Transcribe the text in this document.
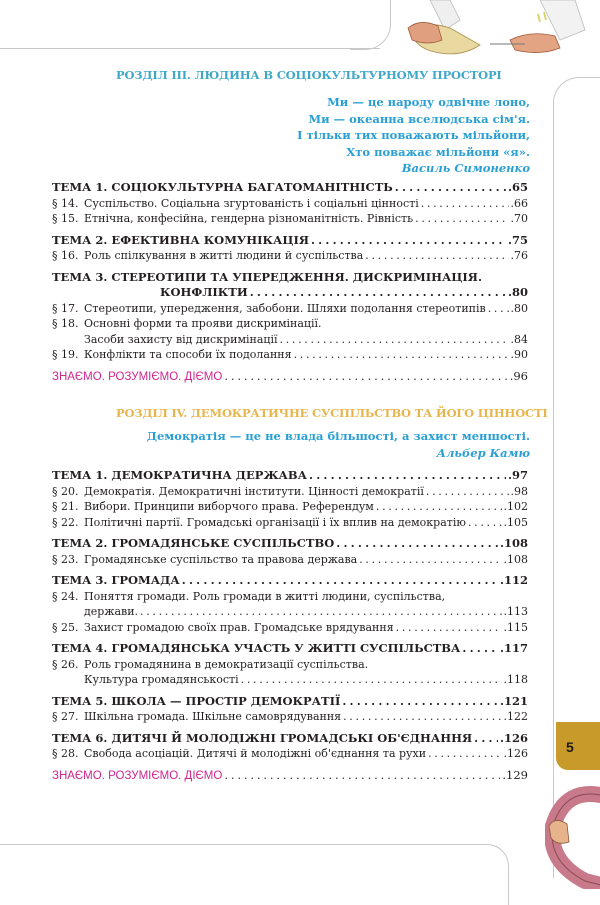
5
РОЗДІЛ ІІІ. ЛЮДИНА В СОЦІОКУЛЬТУРНОМУ ПРОСТОРІ
Ми — це народу одвічне лоно,
Ми — океанна вселюдська сім'я.
І тільки тих поважають мільйони,
Хто поважає мільйони «я».
Василь Симоненко
ТЕМА 1. СОЦІОКУЛЬТУРНА БАГАТОМАНІТНІСТЬ . . .	.65
§ 14. Суспільство. Соціальна згуртованість і соціальні цінності . . .	.66
§ 15. Етнічна, конфесійна, гендерна різноманітність. Рівність . . .	.70
ТЕМА 2. ЕФЕКТИВНА КОМУНІКАЦІЯ . . .	.75
§ 16. Роль спілкування в житті людини й суспільства . . .	.76
ТЕМА 3. СТЕРЕОТИПИ ТА УПЕРЕДЖЕННЯ. ДИСКРИМІНАЦІЯ.
КОНФЛІКТИ . . .	.80
§ 17. Стереотипи, упередження, забобони. Шляхи подолання стереотипів . . . .80
§ 18. Основні форми та прояви дискримінації.
Засоби захисту від дискримінації . . .	.84
§ 19. Конфлікти та способи їх подолання . . .	.90
ЗНАЄМО. РОЗУМІЄМО. ДІЄМО . . .	.96
РОЗДІЛ IV. ДЕМОКРАТИЧНЕ СУСПІЛЬСТВО ТА ЙОГО ЦІННОСТІ
Демократія — це не влада більшості, а захист меншості.
Альбер Камю
ТЕМА 1. ДЕМОКРАТИЧНА ДЕРЖАВА . . .	.97
§ 20. Демократія. Демократичні інститути. Цінності демократії . . .	.98
§ 21. Вибори. Принципи виборчого права. Референдум . . .	.102
§ 22. Політичні партії. Громадські організації і їх вплив на демократію . . .	.105
ТЕМА 2. ГРОМАДЯНСЬКЕ СУСПІЛЬСТВО . . .	.108
§ 23. Громадянське суспільство та правова держава . . .	.108
ТЕМА 3. ГРОМАДА . . .	.112
§ 24. Поняття громади. Роль громади в житті людини, суспільства,
держави. . . .	.113
§ 25. Захист громадою своїх прав. Громадське врядування . . .	.115
ТЕМА 4. ГРОМАДЯНСЬКА УЧАСТЬ У ЖИТТІ СУСПІЛЬСТВА . . .	.117
§ 26. Роль громадянина в демократизації суспільства.
Культура громадянськості . . .	.118
ТЕМА 5. ШКОЛА — ПРОСТІР ДЕМОКРАТІЇ . . .	.121
§ 27. Шкільна громада. Шкільне самоврядування . . .	.122
ТЕМА 6. ДИТЯЧІ Й МОЛОДІЖНІ ГРОМАДСЬКІ ОБ'ЄДНАННЯ . . . .126
§ 28. Свобода асоціацій. Дитячі й молодіжні об'єднання та рухи . . .	.126
ЗНАЄМО. РОЗУМІЄМО. ДІЄМО . . .	.129
